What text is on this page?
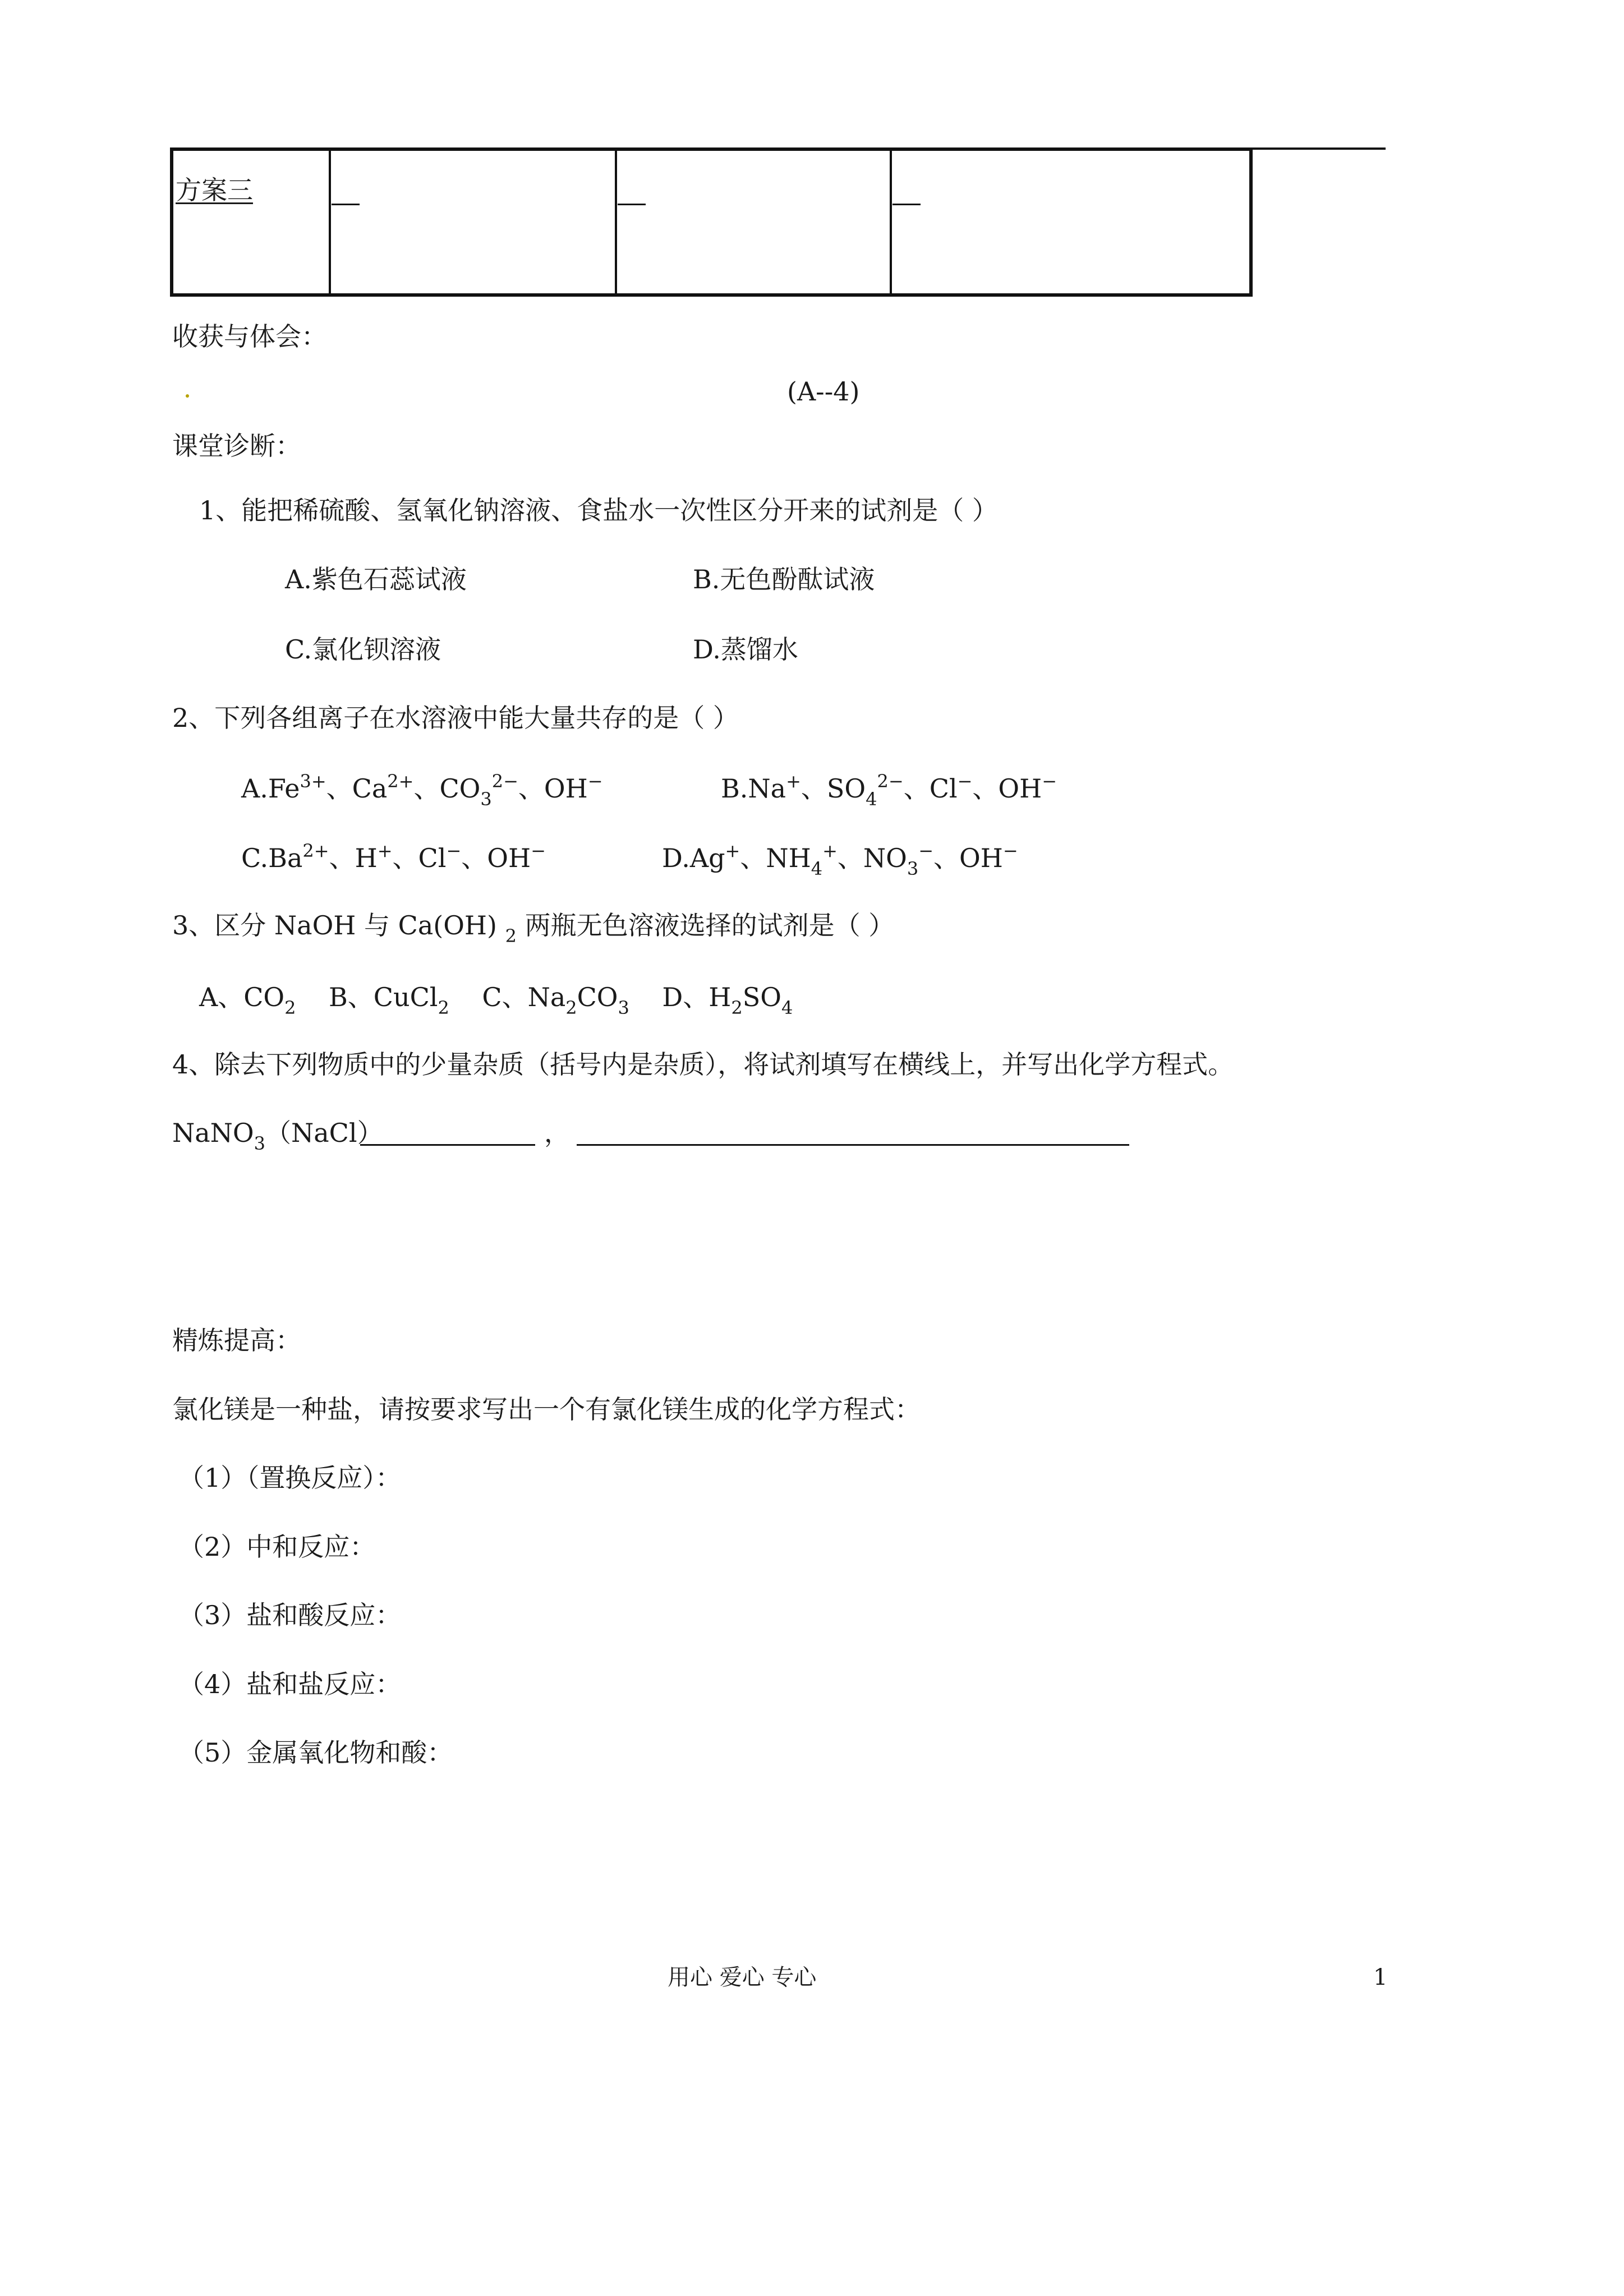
方案三
收获与体会：
(A--4)
课堂诊断：
1、能把稀硫酸、氢氧化钠溶液、食盐水一次性区分开来的试剂是（ ）
A.紫色石蕊试液	B.无色酚酞试液
C.氯化钡溶液	D.蒸馏水
2、下列各组离子在水溶液中能大量共存的是（ ）
$A.Fe^{3+}$、$Ca^{2+}$、$CO_3^{2-}$、OH−	B.Na+、$SO_4^{2-}$、Cl−、OH−
$C.Ba^{2+}$、H+、Cl−、OH−	D.Ag+、$NH_4^+$、$NO_3^-$、OH−
3、区分 NaOH 与 Ca(OH) $_2$ 两瓶无色溶液选择的试剂是（ ）
A、$CO_2$    B、CuCl$_2$    C、$Na_2CO_3$    D、$H_2SO_4$
4、除去下列物质中的少量杂质（括号内是杂质），将试剂填写在横线上，并写出化学方程式。
NaNO$_3$（NaCl）	，
精炼提高：
氯化镁是一种盐，请按要求写出一个有氯化镁生成的化学方程式：
（1）（置换反应）：
（2）中和反应：
（3）盐和酸反应：
（4）盐和盐反应：
（5）金属氧化物和酸：
用心 爱心 专心	1
